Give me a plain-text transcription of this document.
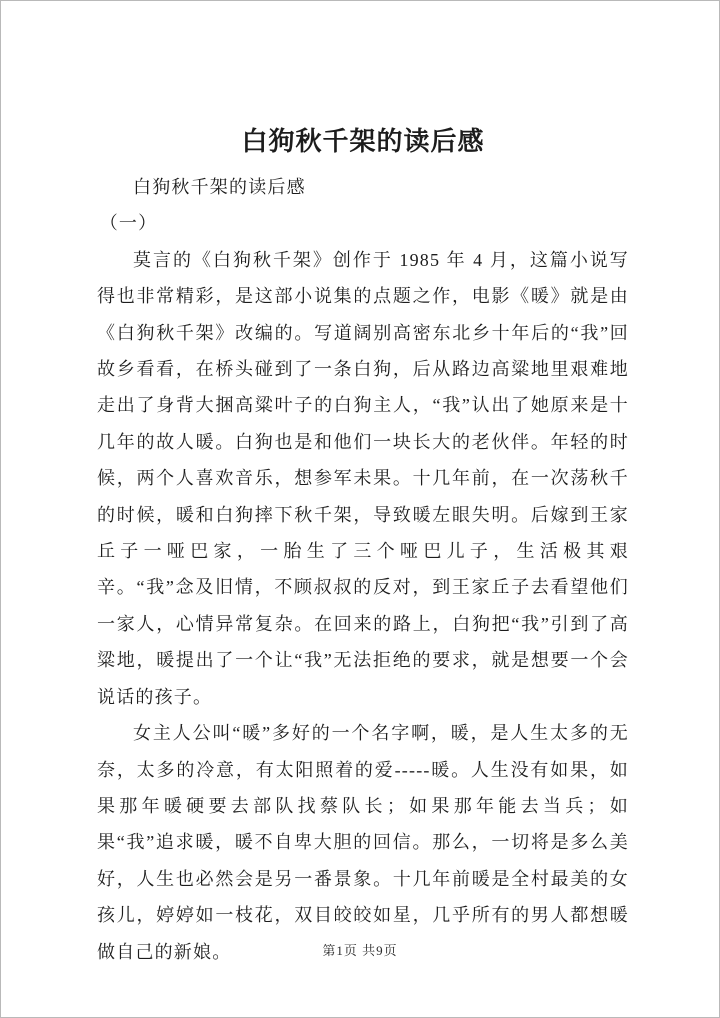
白狗秋千架的读后感

白狗秋千架的读后感

（一）

莫言的《白狗秋千架》创作于 1985 年 4 月，这篇小说写得也非常精彩，是这部小说集的点题之作，电影《暖》就是由《白狗秋千架》改编的。写道阔别高密东北乡十年后的“我”回故乡看看，在桥头碰到了一条白狗，后从路边高粱地里艰难地走出了身背大捆高粱叶子的白狗主人，“我”认出了她原来是十几年的故人暖。白狗也是和他们一块长大的老伙伴。年轻的时候，两个人喜欢音乐，想参军未果。十几年前，在一次荡秋千的时候，暖和白狗摔下秋千架，导致暖左眼失明。后嫁到王家丘子一哑巴家，一胎生了三个哑巴儿子，生活极其艰辛。“我”念及旧情，不顾叔叔的反对，到王家丘子去看望他们一家人，心情异常复杂。在回来的路上，白狗把“我”引到了高粱地，暖提出了一个让“我”无法拒绝的要求，就是想要一个会说话的孩子。

女主人公叫“暖”多好的一个名字啊，暖，是人生太多的无奈，太多的冷意，有太阳照着的爱-----暖。人生没有如果，如果那年暖硬要去部队找蔡队长；如果那年能去当兵；如果“我”追求暖，暖不自卑大胆的回信。那么，一切将是多么美好，人生也必然会是另一番景象。十几年前暖是全村最美的女孩儿，婷婷如一枝花，双目皎皎如星，几乎所有的男人都想暖做自己的新娘。	第1页 共9页
